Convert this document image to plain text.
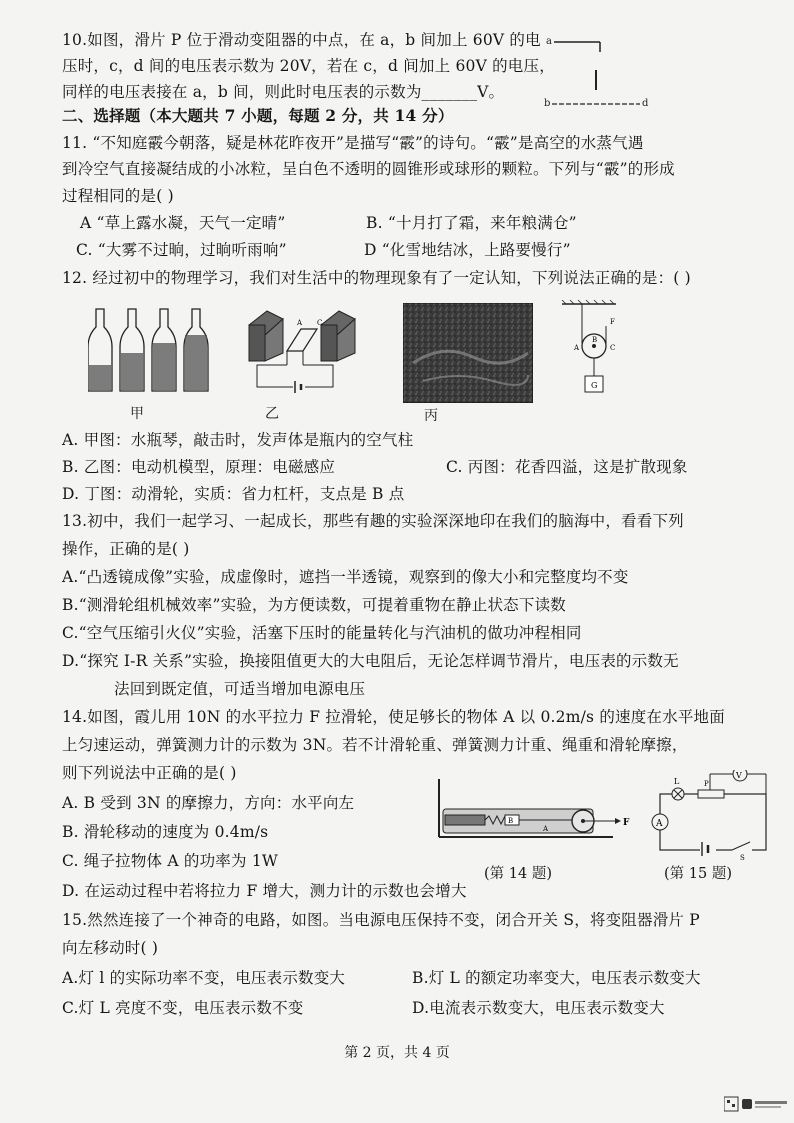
10.如图，滑片 P 位于滑动变阻器的中点，在 a，b 间加上 60V 的电
压时，c，d 间的电压表示数为 20V，若在 c，d 间加上 60V 的电压，
同样的电压表接在 a，b 间，则此时电压表的示数为_______V。
a
b	d
二、选择题（本大题共 7 小题，每题 2 分，共 14 分）
11. “不知庭霰今朝落，疑是林花昨夜开”是描写“霰”的诗句。“霰”是高空的水蒸气遇
到冷空气直接凝结成的小冰粒，呈白色不透明的圆锥形或球形的颗粒。下列与“霰”的形成
过程相同的是( )
A “草上露水凝，天气一定晴”	B. “十月打了霜，来年粮满仓”
C. “大雾不过晌，过晌听雨响”	D “化雪地结冰，上路要慢行”
12. 经过初中的物理学习，我们对生活中的物理现象有了一定认知，下列说法正确的是：( )
甲
A C
乙	丙
G
A
B
C
F
A. 甲图：水瓶琴，敲击时，发声体是瓶内的空气柱
B. 乙图：电动机模型，原理：电磁感应	C. 丙图：花香四溢，这是扩散现象
D. 丁图：动滑轮，实质：省力杠杆，支点是 B 点
13.初中，我们一起学习、一起成长，那些有趣的实验深深地印在我们的脑海中，看看下列
操作，正确的是( )
A.“凸透镜成像”实验，成虚像时，遮挡一半透镜，观察到的像大小和完整度均不变
B.“测滑轮组机械效率”实验，为方便读数，可提着重物在静止状态下读数
C.“空气压缩引火仪”实验，活塞下压时的能量转化与汽油机的做功冲程相同
D.“探究 I-R 关系”实验，换接阻值更大的大电阻后，无论怎样调节滑片，电压表的示数无
法回到既定值，可适当增加电源电压
14.如图，霞儿用 10N 的水平拉力 F 拉滑轮，使足够长的物体 A 以 0.2m/s 的速度在水平地面
上匀速运动，弹簧测力计的示数为 3N。若不计滑轮重、弹簧测力计重、绳重和滑轮摩擦，
则下列说法中正确的是( )
A. B 受到 3N 的摩擦力，方向：水平向左
B. 滑轮移动的速度为 0.4m/s
C. 绳子拉物体 A 的功率为 1W
D. 在运动过程中若将拉力 F 增大，测力计的示数也会增大
B
A
F
(第 14 题)
A
L	P
V
S
(第 15 题)
15.然然连接了一个神奇的电路，如图。当电源电压保持不变，闭合开关 S，将变阻器滑片 P
向左移动时( )
A.灯 l 的实际功率不变，电压表示数变大	B.灯 L 的额定功率变大，电压表示数变大
C.灯 L 亮度不变，电压表示数不变	D.电流表示数变大，电压表示数变大
第 2 页，共 4 页
